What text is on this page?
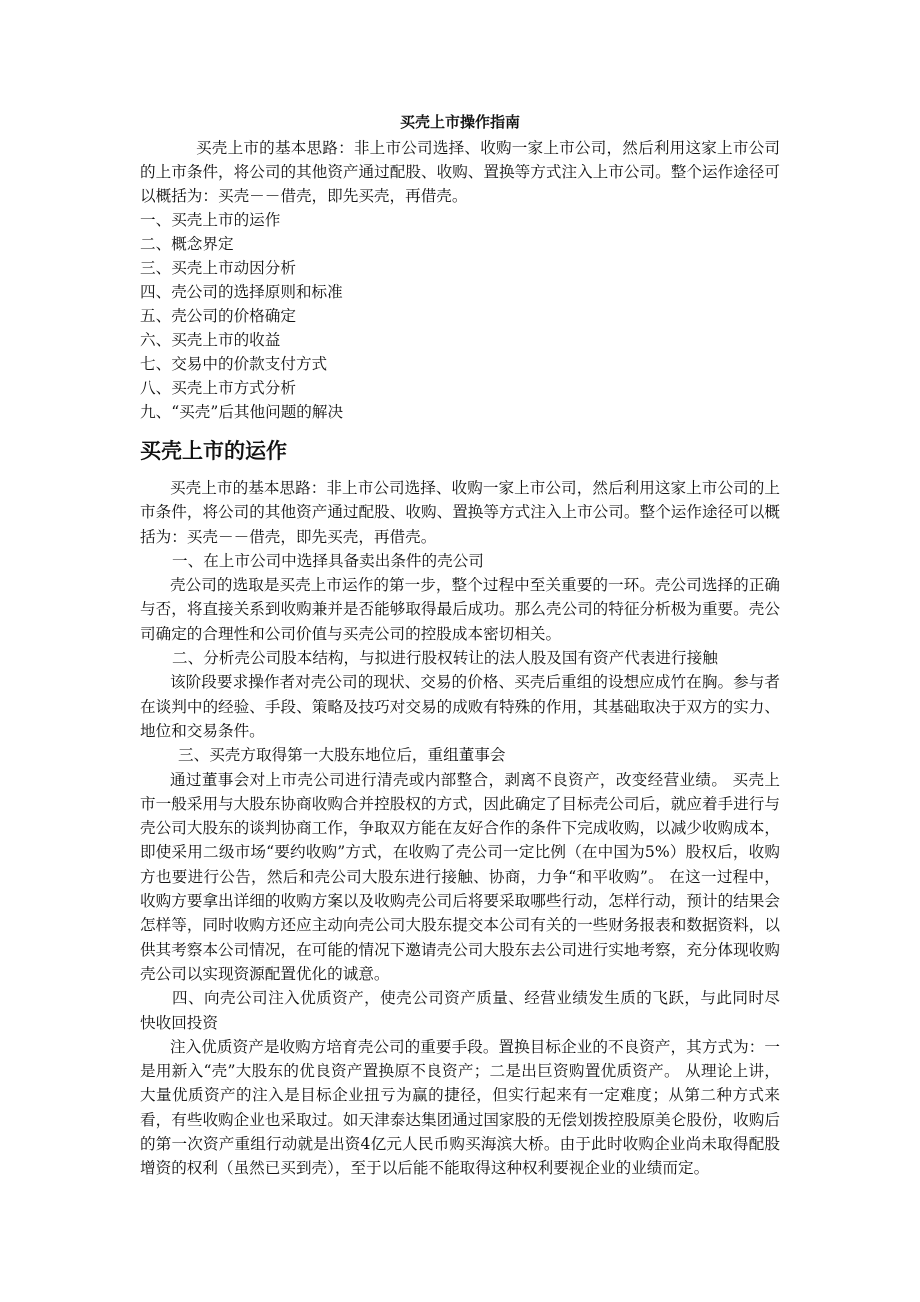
买壳上市操作指南

买壳上市的基本思路：非上市公司选择、收购一家上市公司，然后利用这家上市公司的上市条件，将公司的其他资产通过配股、收购、置换等方式注入上市公司。整个运作途径可以概括为：买壳－－借壳，即先买壳，再借壳。

一、买壳上市的运作
二、概念界定
三、买壳上市动因分析
四、壳公司的选择原则和标准
五、壳公司的价格确定
六、买壳上市的收益
七、交易中的价款支付方式
八、买壳上市方式分析
九、“买壳”后其他问题的解决
买壳上市的运作

买壳上市的基本思路：非上市公司选择、收购一家上市公司，然后利用这家上市公司的上市条件，将公司的其他资产通过配股、收购、置换等方式注入上市公司。整个运作途径可以概括为：买壳－－借壳，即先买壳，再借壳。

一、在上市公司中选择具备卖出条件的壳公司

壳公司的选取是买壳上市运作的第一步，整个过程中至关重要的一环。壳公司选择的正确与否，将直接关系到收购兼并是否能够取得最后成功。那么壳公司的特征分析极为重要。壳公司确定的合理性和公司价值与买壳公司的控股成本密切相关。

二、分析壳公司股本结构，与拟进行股权转让的法人股及国有资产代表进行接触

该阶段要求操作者对壳公司的现状、交易的价格、买壳后重组的设想应成竹在胸。参与者在谈判中的经验、手段、策略及技巧对交易的成败有特殊的作用，其基础取决于双方的实力、地位和交易条件。

三、买壳方取得第一大股东地位后，重组董事会

通过董事会对上市壳公司进行清壳或内部整合，剥离不良资产，改变经营业绩。 买壳上市一般采用与大股东协商收购合并控股权的方式，因此确定了目标壳公司后，就应着手进行与壳公司大股东的谈判协商工作，争取双方能在友好合作的条件下完成收购，以减少收购成本，即使采用二级市场“要约收购”方式，在收购了壳公司一定比例（在中国为5%）股权后，收购方也要进行公告，然后和壳公司大股东进行接触、协商，力争“和平收购”。 在这一过程中，收购方要拿出详细的收购方案以及收购壳公司后将要采取哪些行动，怎样行动，预计的结果会怎样等，同时收购方还应主动向壳公司大股东提交本公司有关的一些财务报表和数据资料，以供其考察本公司情况，在可能的情况下邀请壳公司大股东去公司进行实地考察，充分体现收购壳公司以实现资源配置优化的诚意。

四、向壳公司注入优质资产，使壳公司资产质量、经营业绩发生质的飞跃，与此同时尽快收回投资

注入优质资产是收购方培育壳公司的重要手段。置换目标企业的不良资产，其方式为：一是用新入“壳”大股东的优良资产置换原不良资产；二是出巨资购置优质资产。 从理论上讲，大量优质资产的注入是目标企业扭亏为赢的捷径，但实行起来有一定难度；从第二种方式来看，有些收购企业也采取过。如天津泰达集团通过国家股的无偿划拨控股原美仑股份，收购后的第一次资产重组行动就是出资4亿元人民币购买海滨大桥。由于此时收购企业尚未取得配股增资的权利（虽然已买到壳），至于以后能不能取得这种权利要视企业的业绩而定。
